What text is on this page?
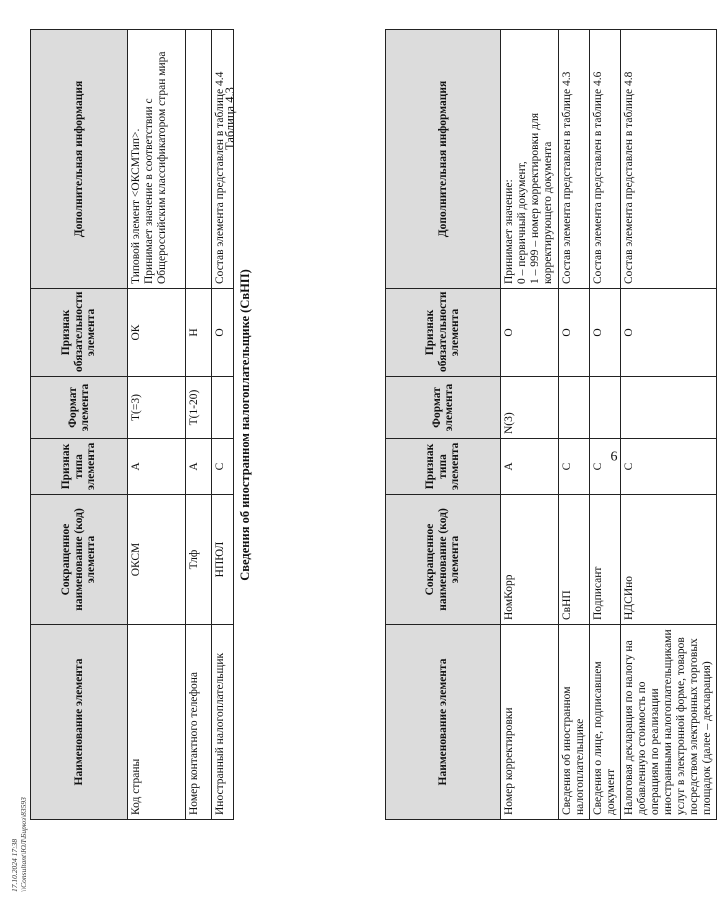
6
Наименование элемента	Сокращенное наименование (код) элемента	Признак типа элемента	Формат элемента	Признак обязательности элемента	Дополнительная информация
Номер корректировки	НомКорр	А	N(3)	О	Принимает значение:
0 – первичный документ,
1 – 999 – номер корректировки для корректирующего документа
Сведения об иностранном налогоплательщике	СвНП	С		О	Состав элемента представлен в таблице 4.3
Сведения о лице, подписавшем документ	Подписант	С		О	Состав элемента представлен в таблице 4.6
Налоговая декларация по налогу на добавленную стоимость по операциям по реализации иностранными налогоплательщиками услуг в электронной форме, товаров посредством электронных торговых площадок (далее – декларация)	НДСИно	С		О	Состав элемента представлен в таблице 4.8
Таблица 4.3
Сведения об иностранном налогоплательщике (СвНП)
Наименование элемента	Сокращенное наименование (код) элемента	Признак типа элемента	Формат элемента	Признак обязательности элемента	Дополнительная информация
Код страны	ОКСМ	А	T(=3)	ОК	Типовой элемент <ОКСМТип>.
Принимает значение в соответствии с Общероссийским классификатором стран мира
Номер контактного телефона	Тлф	А	T(1-20)	Н	
Иностранный налогоплательщик	НПЮЛ	С		О	Состав элемента представлен в таблице 4.4
17.10.2024 17:38 \\Consultant\ЮЛ\Бирюз\83593
